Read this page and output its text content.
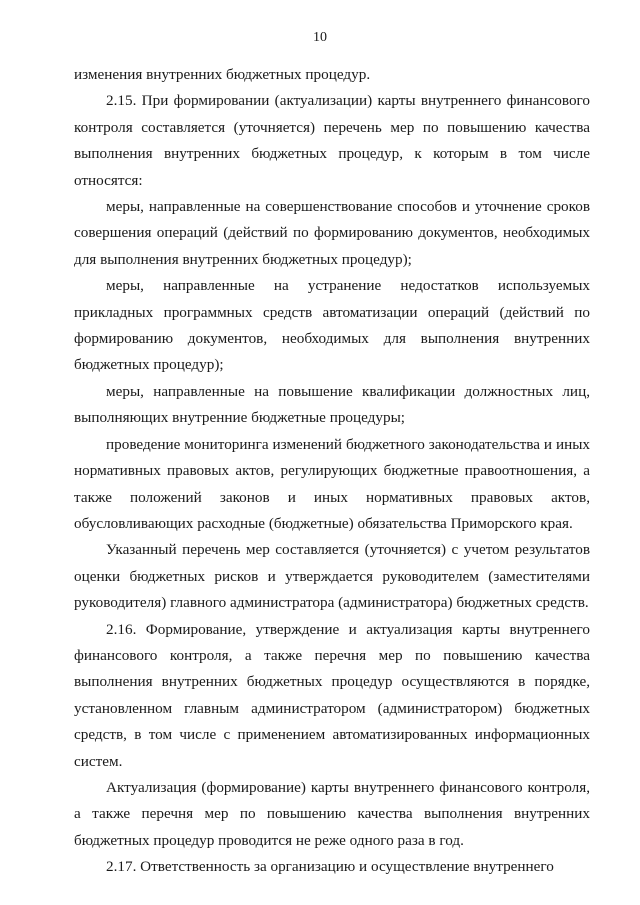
10

изменения внутренних бюджетных процедур.

2.15. При формировании (актуализации) карты внутреннего финансового контроля составляется (уточняется) перечень мер по повышению качества выполнения внутренних бюджетных процедур, к которым в том числе относятся:

меры, направленные на совершенствование способов и уточнение сроков совершения операций (действий по формированию документов, необходимых для выполнения внутренних бюджетных процедур);

меры, направленные на устранение недостатков используемых прикладных программных средств автоматизации операций (действий по формированию документов, необходимых для выполнения внутренних бюджетных процедур);

меры, направленные на повышение квалификации должностных лиц, выполняющих внутренние бюджетные процедуры;

проведение мониторинга изменений бюджетного законодательства и иных нормативных правовых актов, регулирующих бюджетные правоотношения, а также положений законов и иных нормативных правовых актов, обусловливающих расходные (бюджетные) обязательства Приморского края.

Указанный перечень мер составляется (уточняется) с учетом результатов оценки бюджетных рисков и утверждается руководителем (заместителями руководителя) главного администратора (администратора) бюджетных средств.

2.16. Формирование, утверждение и актуализация карты внутреннего финансового контроля, а также перечня мер по повышению качества выполнения внутренних бюджетных процедур осуществляются в порядке, установленном главным администратором (администратором) бюджетных средств, в том числе с применением автоматизированных информационных систем.

Актуализация (формирование) карты внутреннего финансового контроля, а также перечня мер по повышению качества выполнения внутренних бюджетных процедур проводится не реже одного раза в год.

2.17. Ответственность за организацию и осуществление внутреннего
